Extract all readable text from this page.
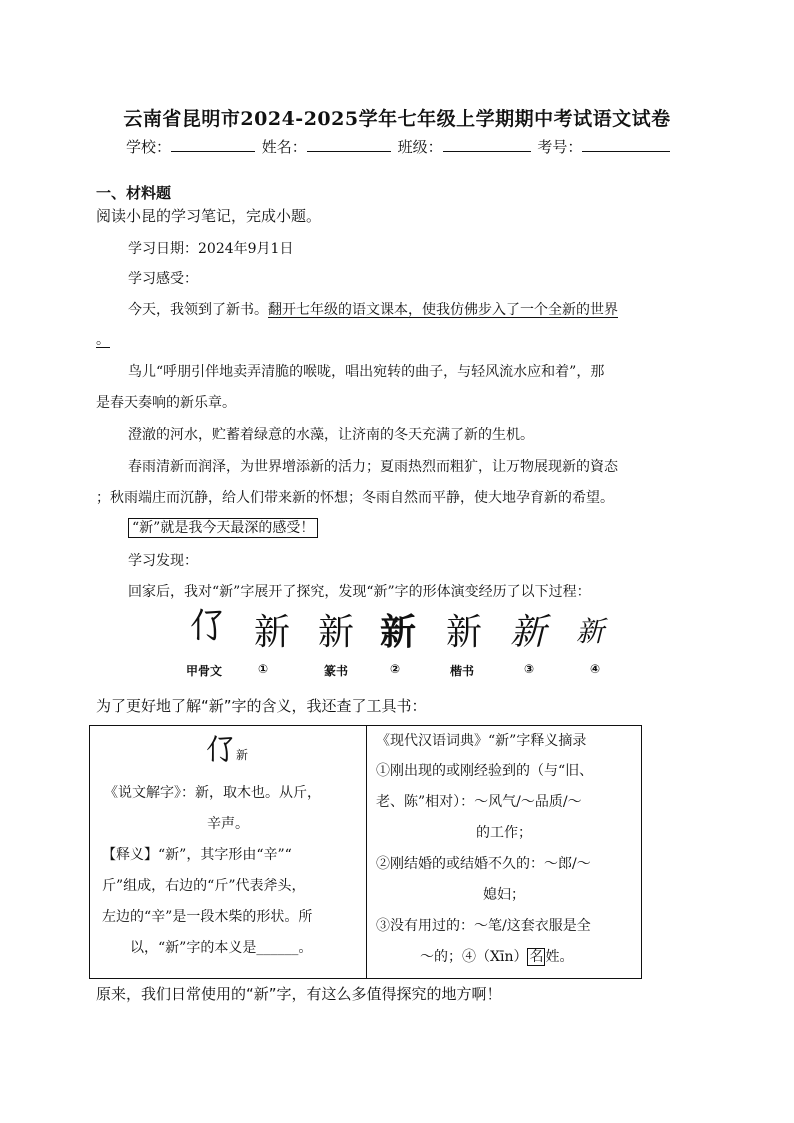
云南省昆明市2024-2025学年七年级上学期期中考试语文试卷
学校：	姓名：	班级：	考号：
一、材料题
阅读小昆的学习笔记，完成小题。
学习日期：2024年9月1日
学习感受：
今天，我领到了新书。翻开七年级的语文课本，使我仿佛步入了一个全新的世界
。
鸟儿“呼朋引伴地卖弄清脆的喉咙，唱出宛转的曲子，与轻风流水应和着”，那
是春天奏响的新乐章。
澄澈的河水，贮蓄着绿意的水藻，让济南的冬天充满了新的生机。
春雨清新而润泽，为世界增添新的活力；夏雨热烈而粗犷，让万物展现新的資态
；秋雨端庄而沉静，给人们带来新的怀想；冬雨自然而平静，使大地孕育新的希望。
“新”就是我今天最深的感受！
学习发现：
回家后，我对“新”字展开了探究，发现“新”字的形体演变经历了以下过程：
𠆨 新 新 新 新 新 新
甲骨文	①	篆书	②	楷书	③	④
为了更好地了解“新”字的含义，我还查了工具书：
𠆨新
《说文解字》：新，取木也。从斤，
辛声。
【释义】“新”，其字形由“辛”“
斤”组成，右边的“斤”代表斧头，
左边的“辛”是一段木柴的形状。所
以，“新”字的本义是______。
《现代汉语词典》“新”字释义摘录
①刚出现的或刚经验到的（与“旧、
老、陈”相对）：～风气/～品质/～
的工作；
②刚结婚的或结婚不久的：～郎/～
媳妇；
③没有用过的：～笔/这套衣服是全
～的；④（Xīn） 名 姓。
原来，我们日常使用的“新”字，有这么多值得探究的地方啊！
